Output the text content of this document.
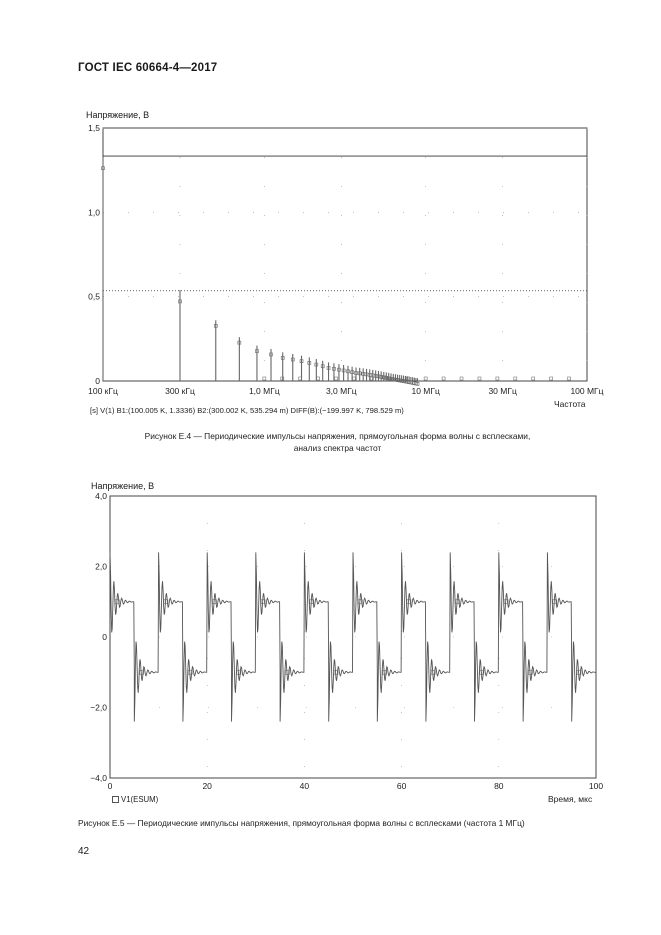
ГОСТ IEC 60664-4—2017
Напряжение, В
100 кГц	300 кГц	1,0 МГц	3,0 МГц	10 МГц	30 МГц	100 МГц
1,5
1,0
0,5
0
Частота
[s] V(1) B1:(100.005 K, 1.3336) B2:(300.002 K, 535.294 m) DIFF(B):(−199.997 K, 798.529 m)
Рисунок Е.4 — Периодические импульсы напряжения, прямоугольная форма волны с всплесками,
анализ спектра частот
Напряжение, В
4,0
2,0
0
−2,0
−4,0
0	20	40	60	80	100
V1(ESUM)	Время, мкс
Рисунок Е.5 — Периодические импульсы напряжения, прямоугольная форма волны с всплесками (частота 1 МГц)
42
